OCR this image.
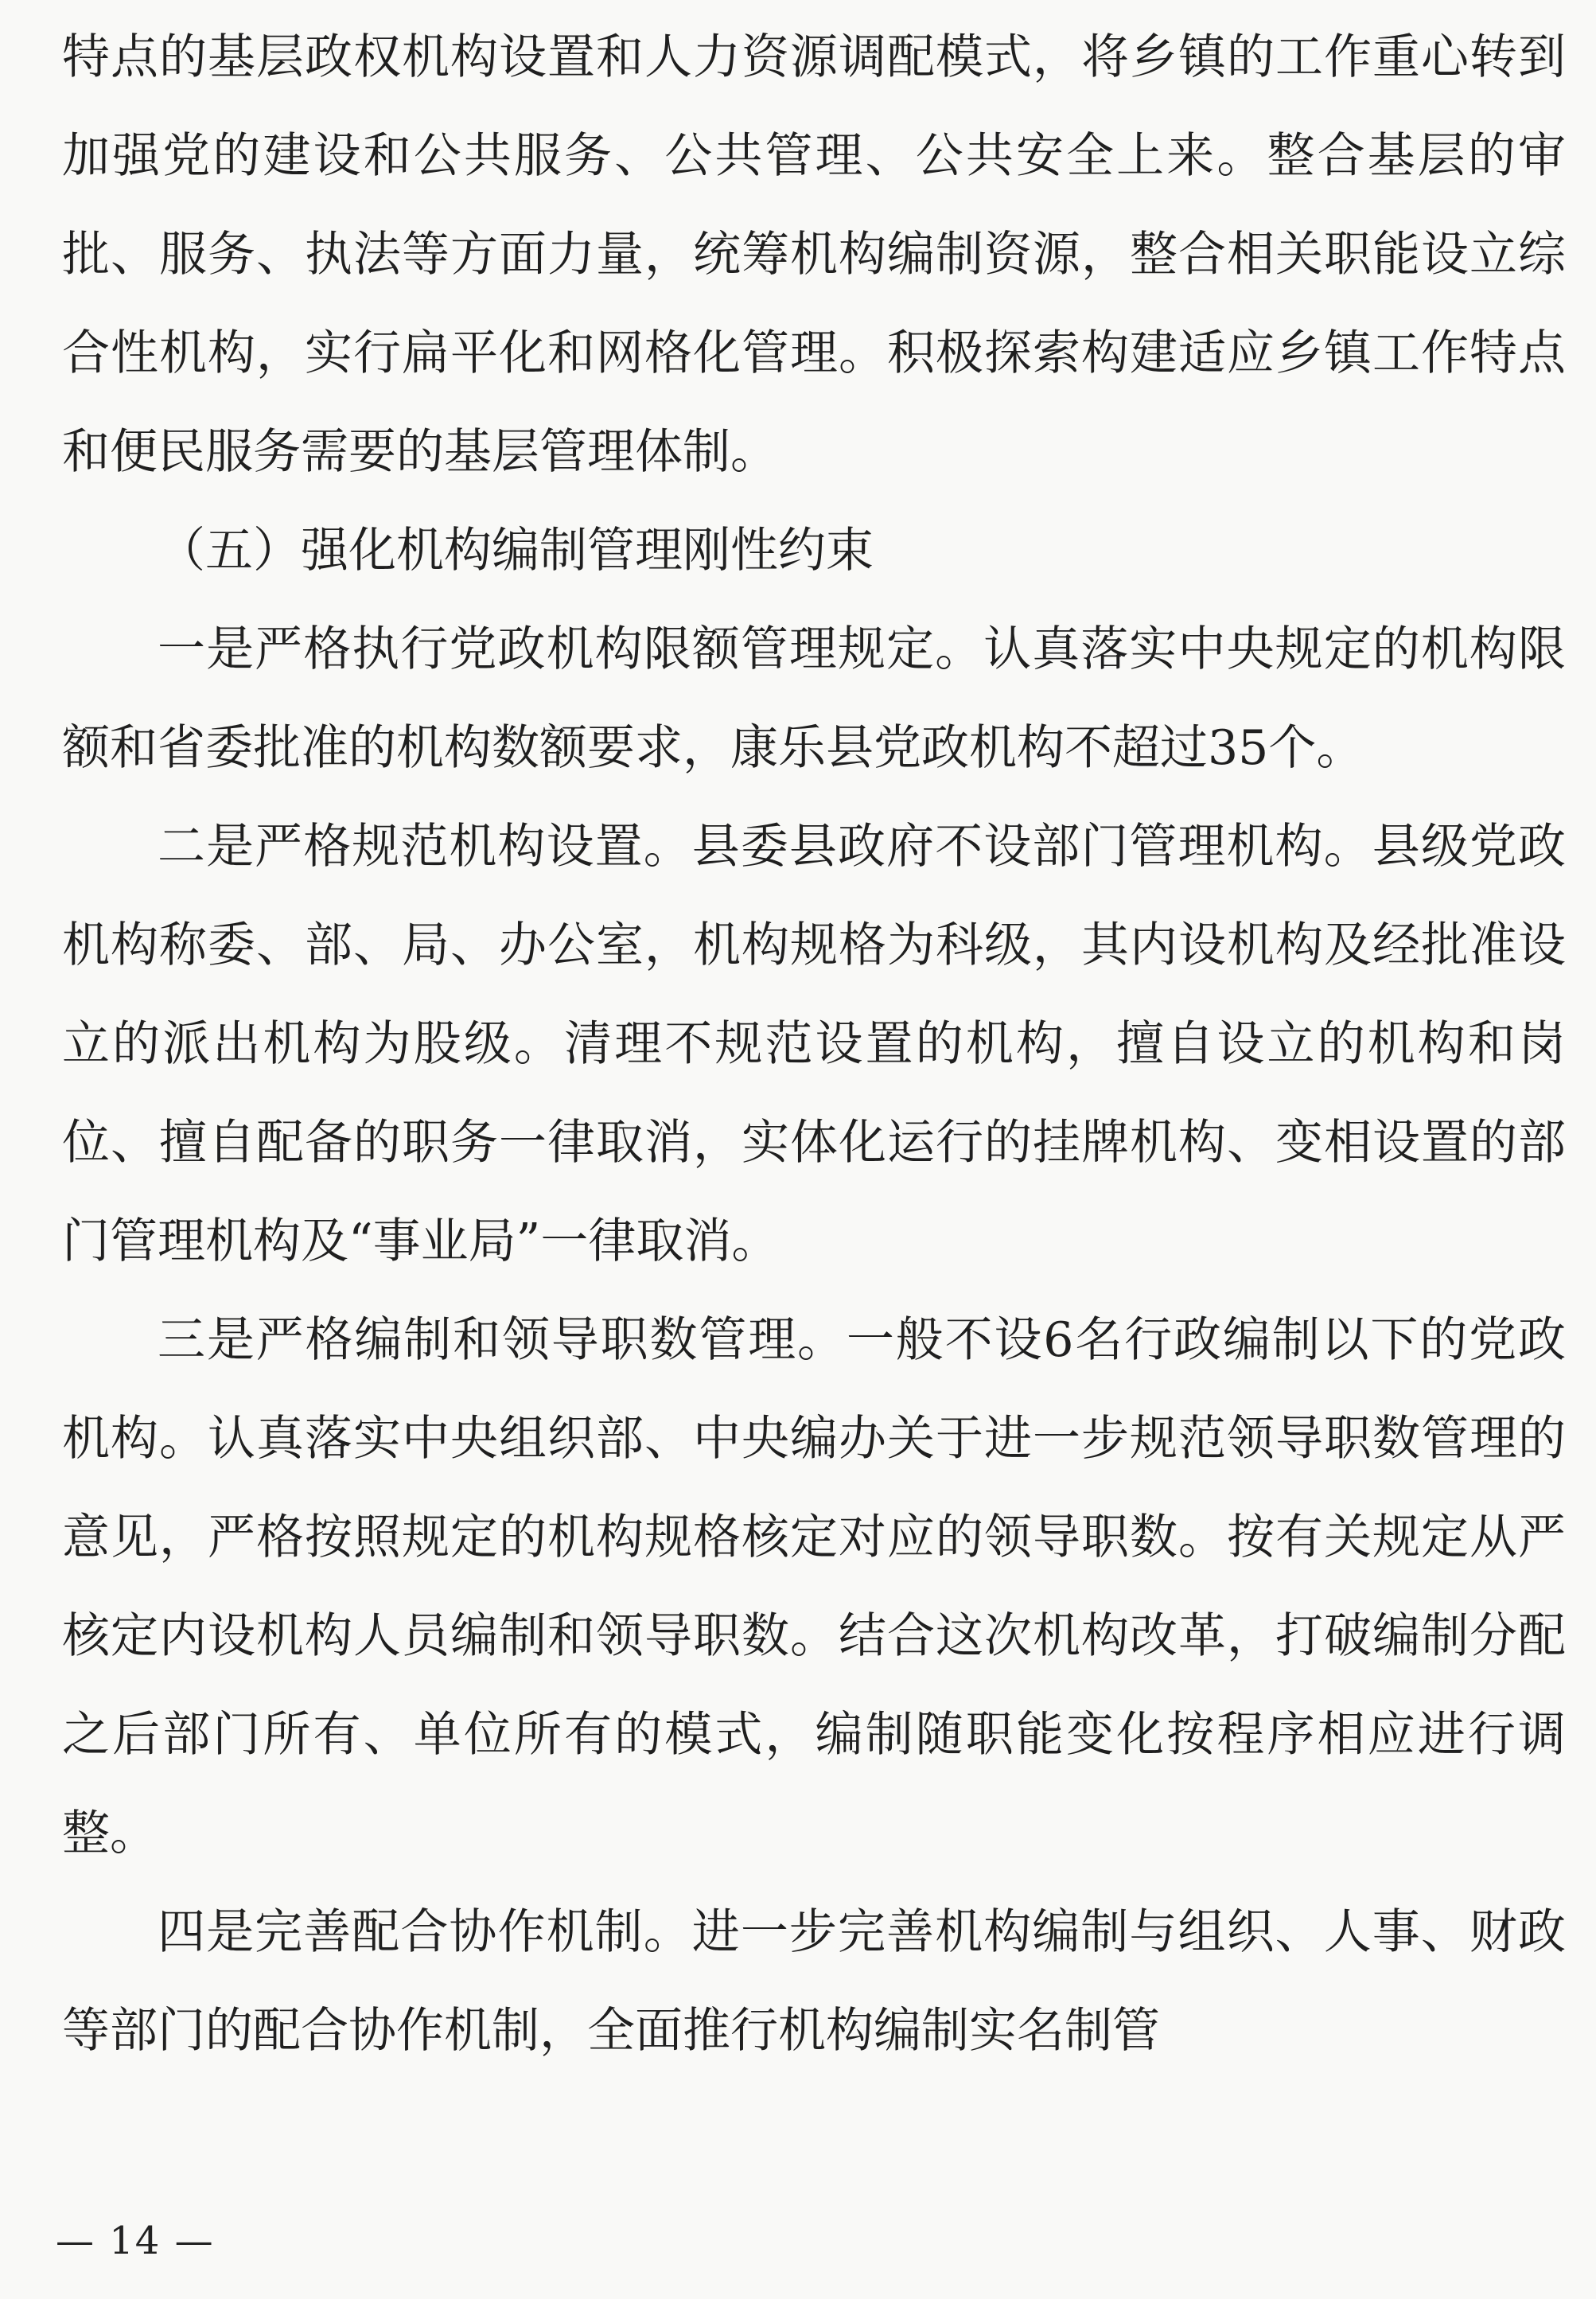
特点的基层政权机构设置和人力资源调配模式，将乡镇的工作重心转到加强党的建设和公共服务、公共管理、公共安全上来。整合基层的审批、服务、执法等方面力量，统筹机构编制资源，整合相关职能设立综合性机构，实行扁平化和网格化管理。积极探索构建适应乡镇工作特点和便民服务需要的基层管理体制。

（五）强化机构编制管理刚性约束

一是严格执行党政机构限额管理规定。认真落实中央规定的机构限额和省委批准的机构数额要求，康乐县党政机构不超过35个。

二是严格规范机构设置。县委县政府不设部门管理机构。县级党政机构称委、部、局、办公室，机构规格为科级，其内设机构及经批准设立的派出机构为股级。清理不规范设置的机构，擅自设立的机构和岗位、擅自配备的职务一律取消，实体化运行的挂牌机构、变相设置的部门管理机构及“事业局”一律取消。

三是严格编制和领导职数管理。一般不设6名行政编制以下的党政机构。认真落实中央组织部、中央编办关于进一步规范领导职数管理的意见，严格按照规定的机构规格核定对应的领导职数。按有关规定从严核定内设机构人员编制和领导职数。结合这次机构改革，打破编制分配之后部门所有、单位所有的模式，编制随职能变化按程序相应进行调整。

四是完善配合协作机制。进一步完善机构编制与组织、人事、财政等部门的配合协作机制，全面推行机构编制实名制管

— 14 —
